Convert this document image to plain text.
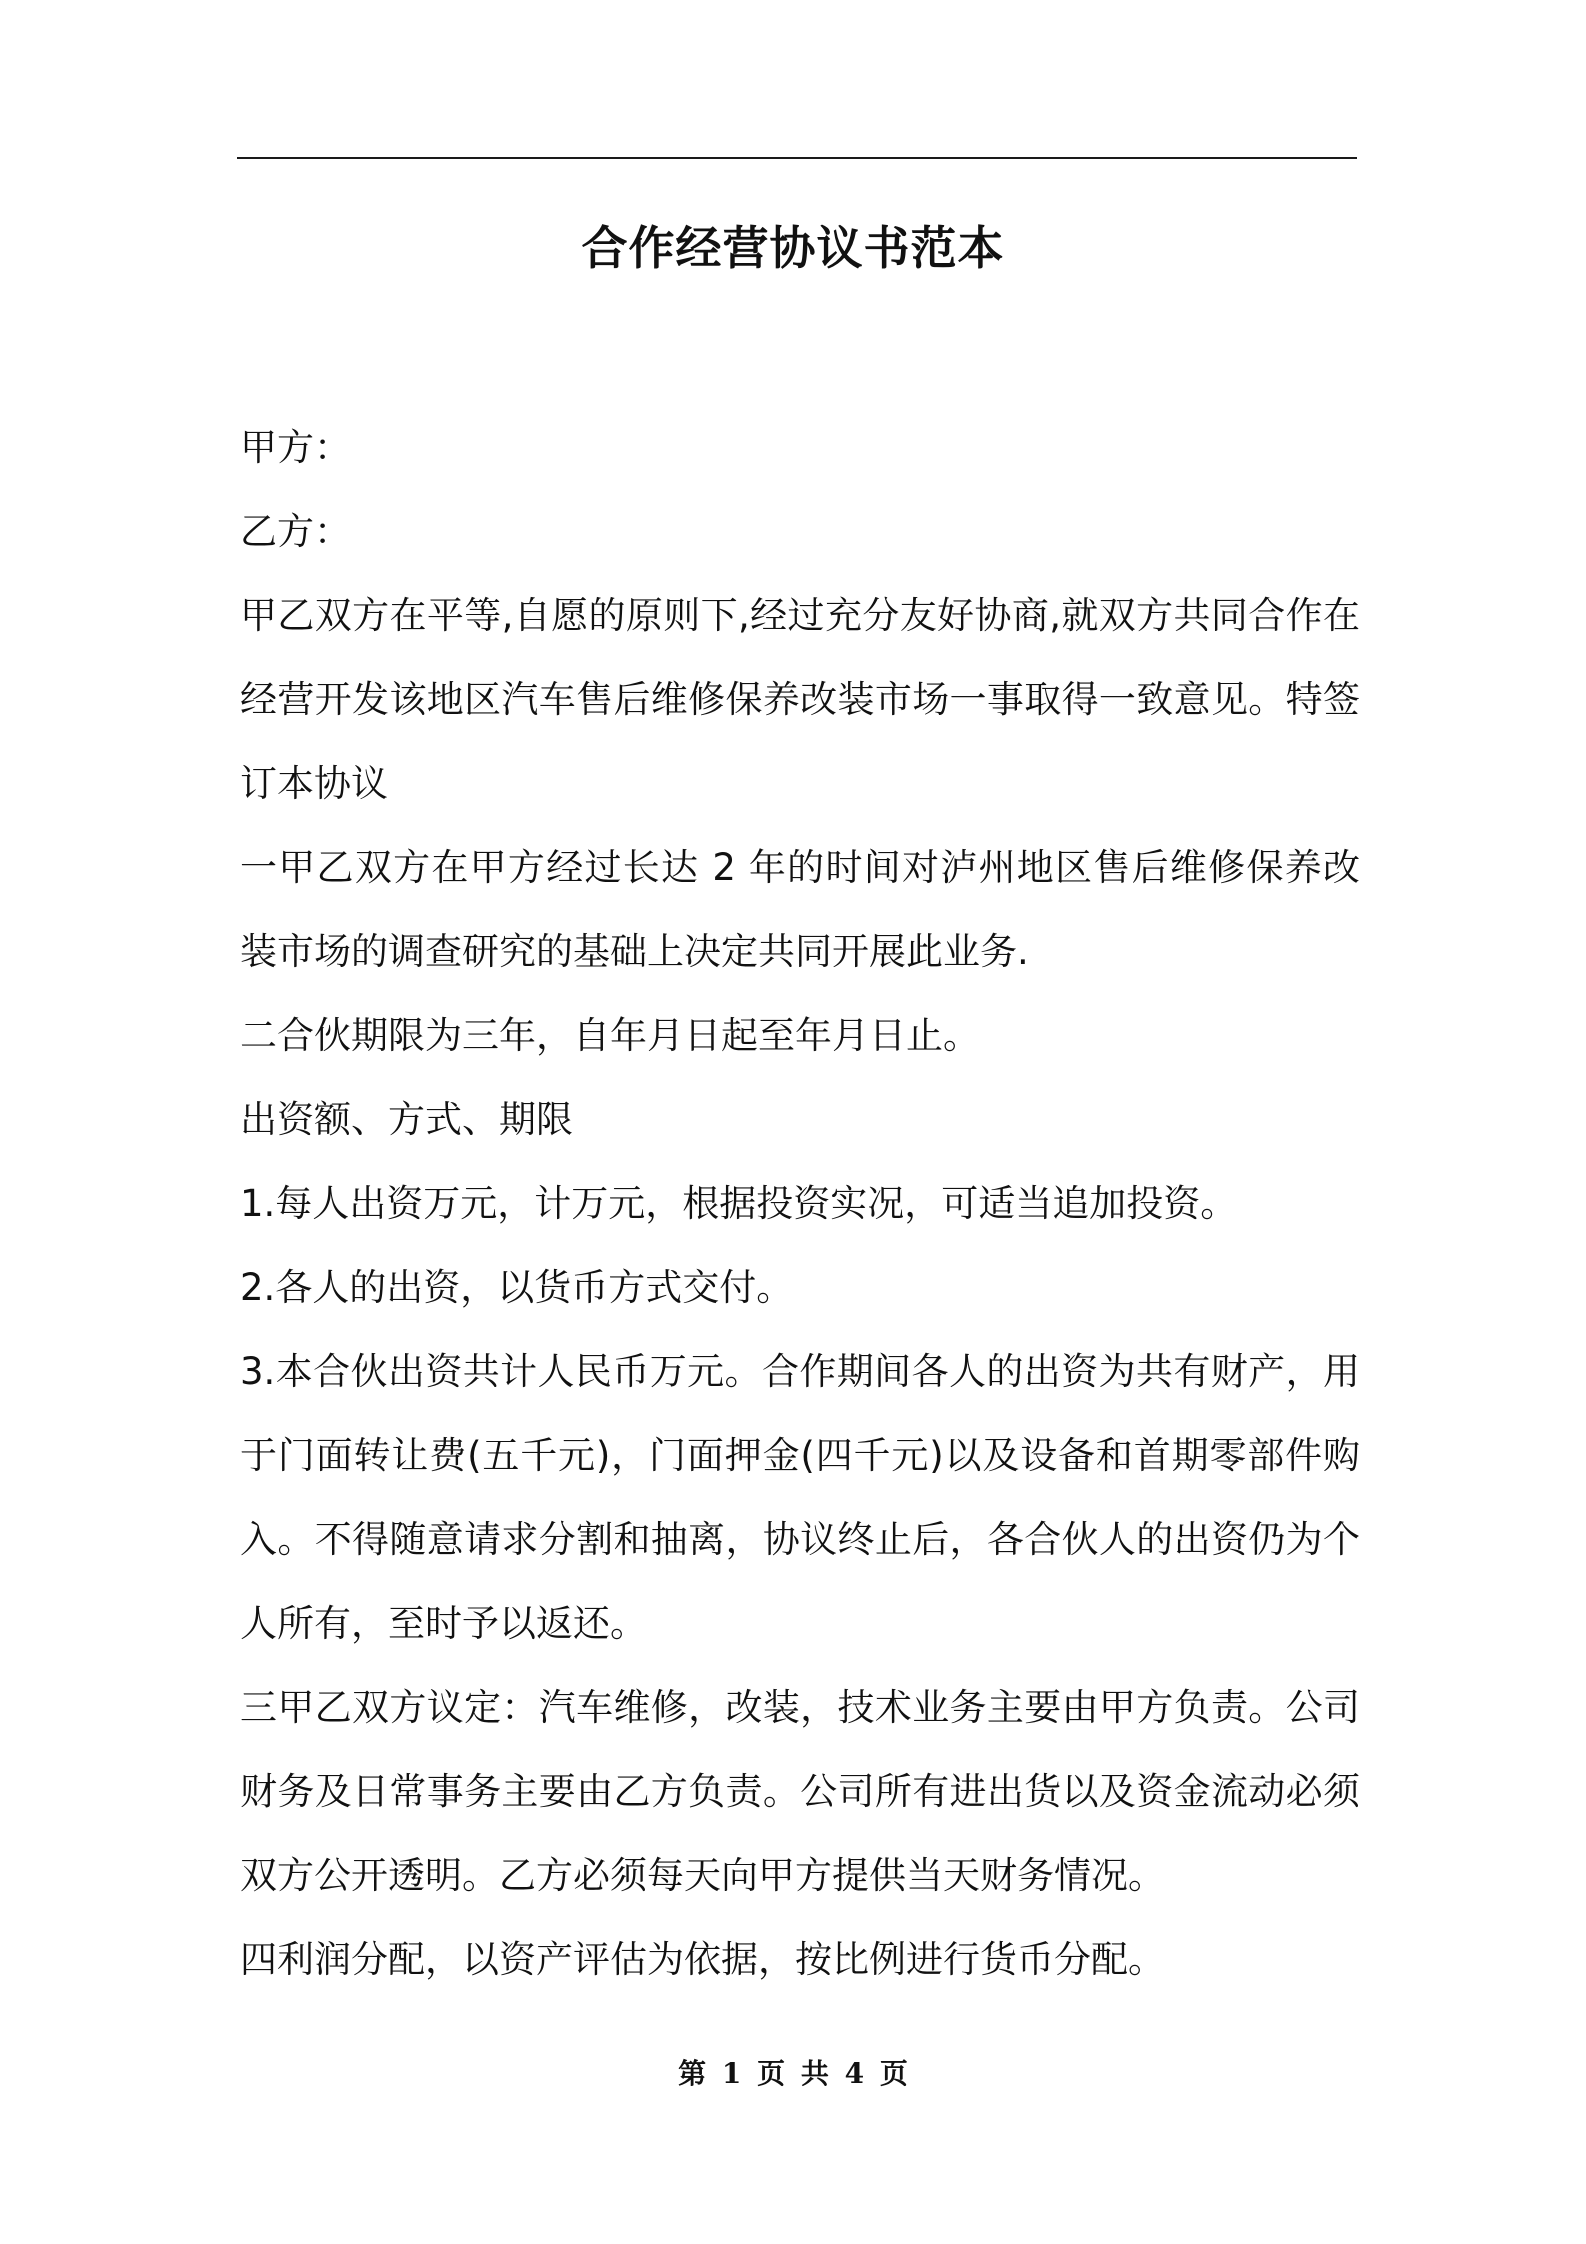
合作经营协议书范本

甲方：

乙方：

甲乙双方在平等,自愿的原则下,经过充分友好协商,就双方共同合作在经营开发该地区汽车售后维修保养改装市场一事取得一致意见。特签订本协议

一甲乙双方在甲方经过长达 2 年的时间对泸州地区售后维修保养改装市场的调查研究的基础上决定共同开展此业务.

二合伙期限为三年，自年月日起至年月日止。

出资额、方式、期限

1.每人出资万元，计万元，根据投资实况，可适当追加投资。

2.各人的出资，以货币方式交付。

3.本合伙出资共计人民币万元。合作期间各人的出资为共有财产，用于门面转让费(五千元)，门面押金(四千元)以及设备和首期零部件购入。不得随意请求分割和抽离，协议终止后，各合伙人的出资仍为个人所有，至时予以返还。

三甲乙双方议定：汽车维修，改装，技术业务主要由甲方负责。公司财务及日常事务主要由乙方负责。公司所有进出货以及资金流动必须双方公开透明。乙方必须每天向甲方提供当天财务情况。

四利润分配，以资产评估为依据，按比例进行货币分配。

第 1 页 共 4 页
